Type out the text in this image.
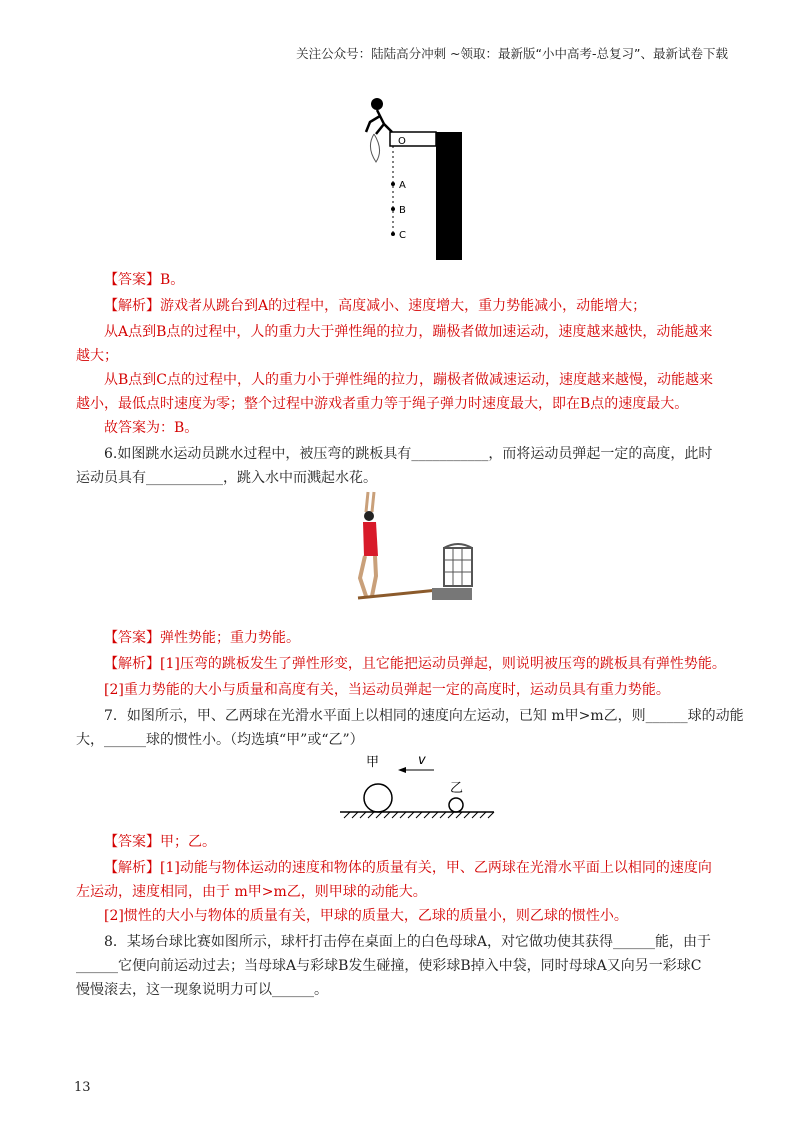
关注公众号：陆陆高分冲刺 ~领取：最新版“小中高考-总复习”、最新试卷下载
O
A
B
C
【答案】B。
【解析】游戏者从跳台到A的过程中，高度减小、速度增大，重力势能减小，动能增大；
从A点到B点的过程中，人的重力大于弹性绳的拉力，蹦极者做加速运动，速度越来越快，动能越来
越大；
从B点到C点的过程中，人的重力小于弹性绳的拉力，蹦极者做减速运动，速度越来越慢，动能越来
越小，最低点时速度为零；整个过程中游戏者重力等于绳子弹力时速度最大，即在B点的速度最大。
故答案为：B。
6.如图跳水运动员跳水过程中，被压弯的跳板具有___________，而将运动员弹起一定的高度，此时
运动员具有___________，跳入水中而溅起水花。
【答案】弹性势能；重力势能。
【解析】[1]压弯的跳板发生了弹性形变，且它能把运动员弹起，则说明被压弯的跳板具有弹性势能。
[2]重力势能的大小与质量和高度有关，当运动员弹起一定的高度时，运动员具有重力势能。
7．如图所示，甲、乙两球在光滑水平面上以相同的速度向左运动，已知 m甲>m乙，则______球的动能
大，______球的惯性小。（均选填“甲”或“乙”）
甲
乙
v
【答案】甲；乙。
【解析】[1]动能与物体运动的速度和物体的质量有关，甲、乙两球在光滑水平面上以相同的速度向
左运动，速度相同，由于 m甲>m乙，则甲球的动能大。
[2]惯性的大小与物体的质量有关，甲球的质量大，乙球的质量小，则乙球的惯性小。
8．某场台球比赛如图所示，球杆打击停在桌面上的白色母球A，对它做功使其获得______能，由于
______它便向前运动过去；当母球A与彩球B发生碰撞，使彩球B掉入中袋，同时母球A又向另一彩球C
慢慢滚去，这一现象说明力可以______。
13
